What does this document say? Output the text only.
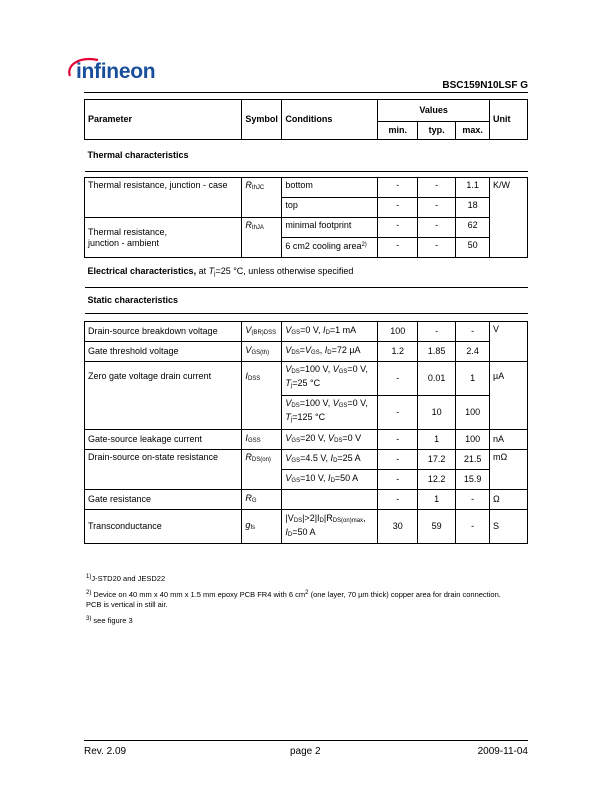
infineon
BSC159N10LSF G
Parameter	Symbol	Conditions	Values			Unit
			min.	typ.	max.	
Thermal characteristics						

Thermal resistance, junction - case	$R_{thJC}$	bottom	-	-	1.1	K/W
		top	-	-	18	
Thermal resistance,
junction - ambient	$R_{thJA}$	minimal footprint	-	-	62	
		6 cm2 cooling area$^{2)}$	-	-	50	
Electrical characteristics, at $T_j=25$ °C, unless otherwise specified						
Static characteristics						

Drain-source breakdown voltage	$V_{(BR)DSS}$	$V_{GS}=0$ V, $I_D=1$ mA	100	-	-	V
Gate threshold voltage	$V_{GS(th)}$	$V_{DS}=V_{GS}$, $I_D=72$ µA	1.2	1.85	2.4	
Zero gate voltage drain current	$I_{DSS}$	$V_{DS}=100$ V, $V_{GS}=0$ V,
$T_j=25$ °C	-	0.01	1	µA
		$V_{DS}=100$ V, $V_{GS}=0$ V,
$T_j=125$ °C	-	10	100	
Gate-source leakage current	$I_{GSS}$	$V_{GS}=20$ V, $V_{DS}=0$ V	-	1	100	nA
Drain-source on-state resistance	$R_{DS(on)}$	$V_{GS}=4.5$ V, $I_D=25$ A	-	17.2	21.5	mΩ
		$V_{GS}=10$ V, $I_D=50$ A	-	12.2	15.9	
Gate resistance	$R_G$		-	1	-	Ω
Transconductance	$g_{fs}$	$|V_{DS}|>2|I_D|R_{DS(on)max}$,
$I_D=50$ A	30	59	-	S
$^{1)}$J-STD20 and JESD22
$^{2)}$ Device on 40 mm x 40 mm x 1.5 mm epoxy PCB FR4 with 6 $cm^2$ (one layer, 70 µm thick) copper area for drain connection. PCB is vertical in still air.
$^{3)}$ see figure 3
Rev. 2.09	page 2	2009-11-04
